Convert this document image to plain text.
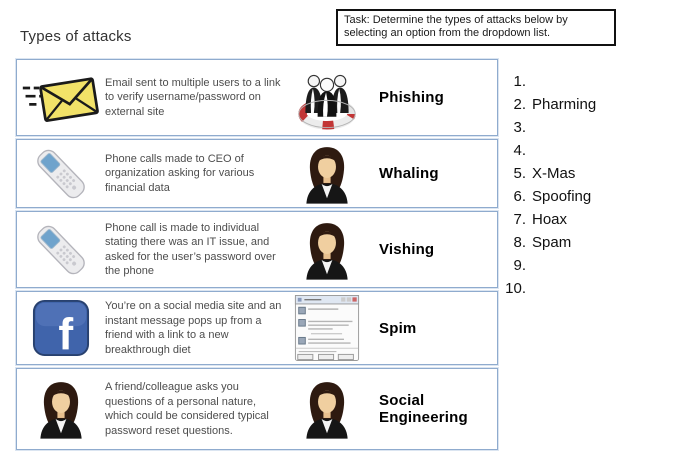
Types of attacks
Task: Determine the types of attacks below by selecting an option from the dropdown list.
Email sent to multiple users to a link to verify username/password on external site
Phishing
Phone calls made to CEO of organization asking for various financial data
Whaling
Phone call is made to individual stating there was an IT issue, and asked for the user’s password over the phone
Vishing
f
You’re on a social media site and an instant message pops up from a friend with a link to a new breakthrough diet
Spim
A friend/colleague asks you questions of a personal nature, which could be considered typical password reset questions.
Social Engineering
1.
2. Pharming
3.
4.
5. X-Mas
6. Spoofing
7. Hoax
8. Spam
9.
10.
